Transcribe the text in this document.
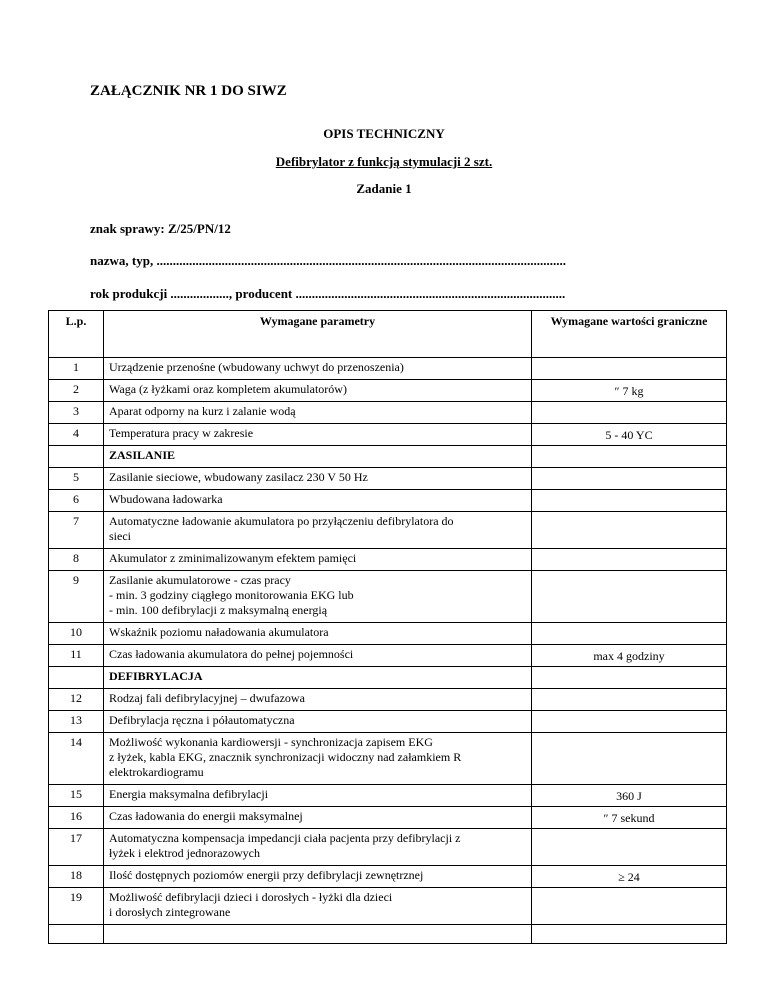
ZAŁĄCZNIK NR 1 DO SIWZ

OPIS TECHNICZNY

Defibrylator z funkcją stymulacji 2 szt.

Zadanie 1

znak sprawy: Z/25/PN/12

nazwa, typ, ..............................................................................................................................

rok produkcji .................., producent ...................................................................................

L.p.	Wymagane parametry	Wymagane wartości graniczne
1	Urządzenie przenośne (wbudowany uchwyt do przenoszenia)	

2	Waga (z łyżkami oraz kompletem akumulatorów)	″ 7 kg
3	Aparat odporny na kurz i zalanie wodą	

4	Temperatura pracy w zakresie	5 - 40 ΥC

	ZASILANIE	

5	Zasilanie sieciowe, wbudowany zasilacz 230 V 50 Hz	

6	Wbudowana ładowarka	

7	Automatyczne ładowanie akumulatora po przyłączeniu defibrylatora do
sieci	

8	Akumulator z zminimalizowanym efektem pamięci	

9	Zasilanie akumulatorowe - czas pracy
- min. 3 godziny ciągłego monitorowania EKG lub
- min. 100 defibrylacji z maksymalną energią	

10	Wskaźnik poziomu naładowania akumulatora	

11	Czas ładowania akumulatora do pełnej pojemności	max 4 godziny

	DEFIBRYLACJA	

12	Rodzaj fali defibrylacyjnej – dwufazowa	

13	Defibrylacja ręczna i półautomatyczna	

14	Możliwość wykonania kardiowersji - synchronizacja zapisem EKG
z łyżek, kabla EKG, znacznik synchronizacji widoczny nad załamkiem R
elektrokardiogramu	

15	Energia maksymalna defibrylacji	360 J
16	Czas ładowania do energii maksymalnej	″ 7 sekund
17	Automatyczna kompensacja impedancji ciała pacjenta przy defibrylacji z
łyżek i elektrod jednorazowych	

18	Ilość dostępnych poziomów energii przy defibrylacji zewnętrznej	≥ 24
19	Możliwość defibrylacji dzieci i dorosłych - łyżki dla dzieci
i dorosłych zintegrowane	
